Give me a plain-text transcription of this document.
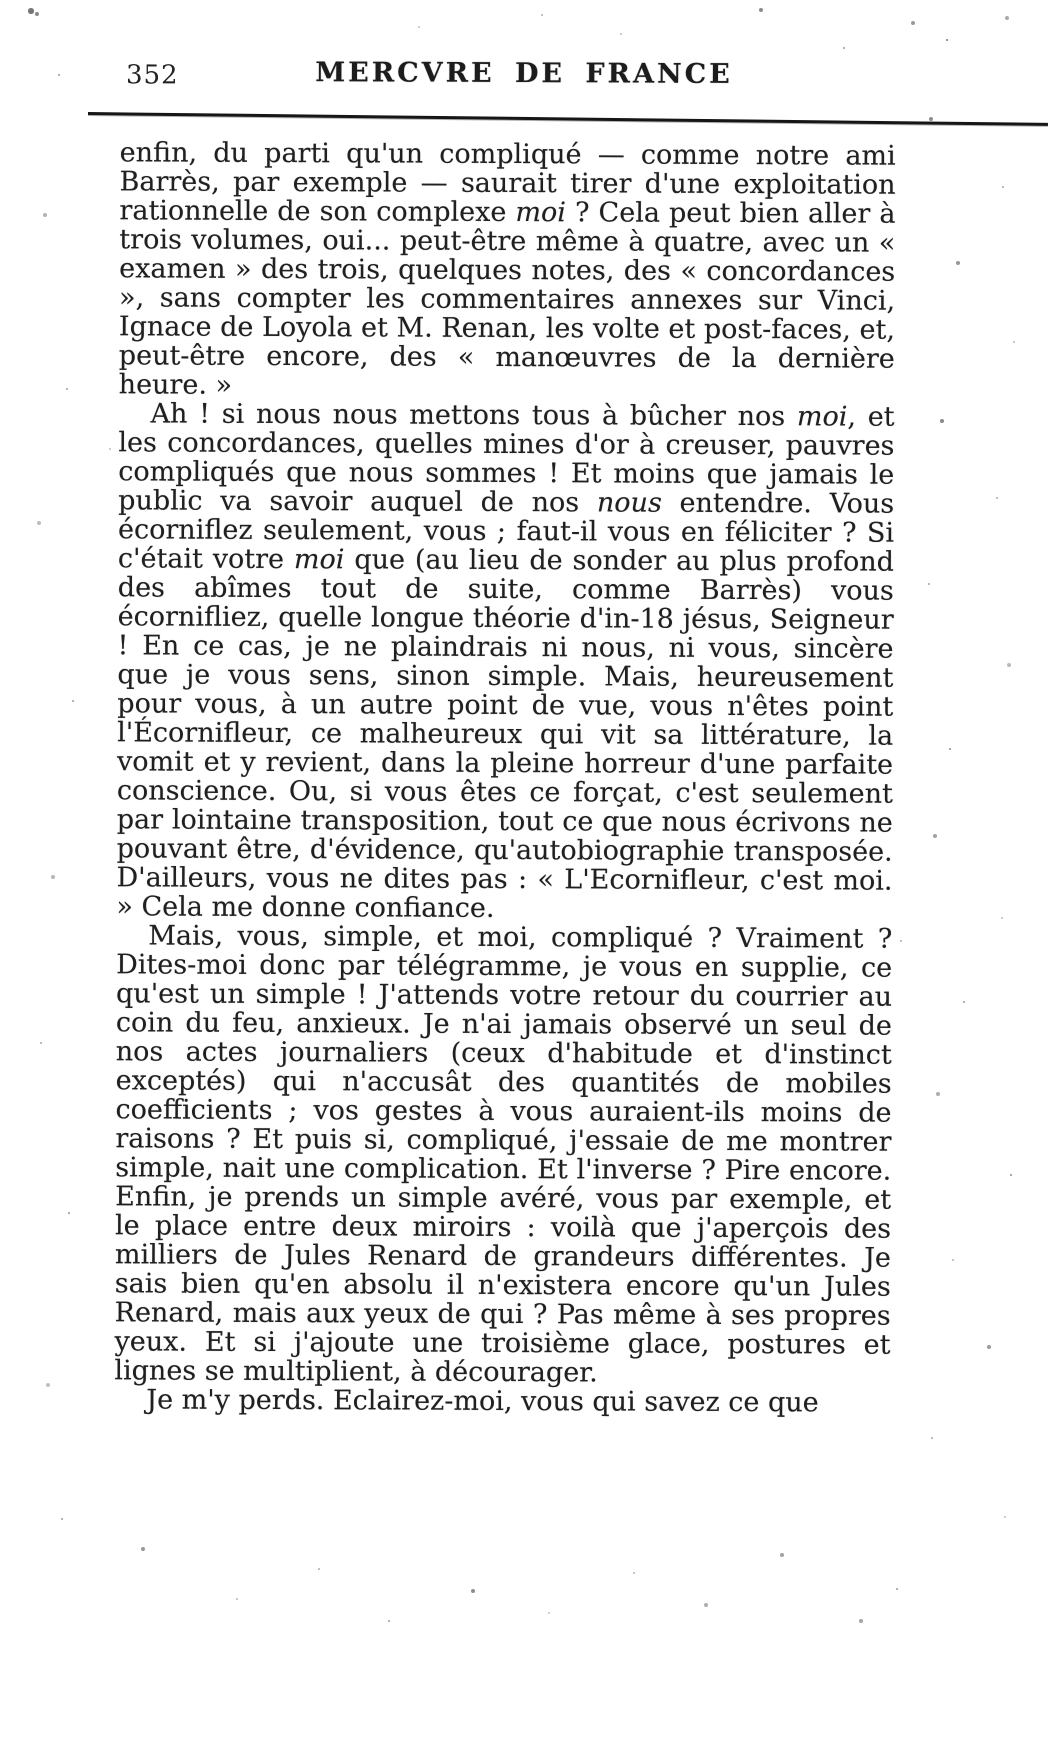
352	MERCVRE DE FRANCE

enfin, du parti qu'un compliqué — comme notre ami Barrès, par exemple — saurait tirer d'une exploitation rationnelle de son complexe moi ? Cela peut bien aller à trois volumes, oui... peut-être même à quatre, avec un « examen » des trois, quelques notes, des « concordances », sans compter les commentaires annexes sur Vinci, Ignace de Loyola et M. Renan, les volte et post-faces, et, peut-être encore, des « manœuvres de la dernière heure. »

Ah ! si nous nous mettons tous à bûcher nos moi, et les concordances, quelles mines d'or à creuser, pauvres compliqués que nous sommes ! Et moins que jamais le public va savoir auquel de nos nous entendre. Vous écorniflez seulement, vous ; faut-il vous en féliciter ? Si c'était votre moi que (au lieu de sonder au plus profond des abîmes tout de suite, comme Barrès) vous écornifliez, quelle longue théorie d'in-18 jésus, Seigneur ! En ce cas, je ne plaindrais ni nous, ni vous, sincère que je vous sens, sinon simple. Mais, heureusement pour vous, à un autre point de vue, vous n'êtes point l'Écornifleur, ce malheureux qui vit sa littérature, la vomit et y revient, dans la pleine horreur d'une parfaite conscience. Ou, si vous êtes ce forçat, c'est seulement par lointaine transposition, tout ce que nous écrivons ne pouvant être, d'évidence, qu'autobiographie transposée. D'ailleurs, vous ne dites pas : « L'Ecornifleur, c'est moi. » Cela me donne confiance.

Mais, vous, simple, et moi, compliqué ? Vraiment ? Dites-moi donc par télégramme, je vous en supplie, ce qu'est un simple ! J'attends votre retour du courrier au coin du feu, anxieux. Je n'ai jamais observé un seul de nos actes journaliers (ceux d'habitude et d'instinct exceptés) qui n'accusât des quantités de mobiles coefficients ; vos gestes à vous auraient-ils moins de raisons ? Et puis si, compliqué, j'essaie de me montrer simple, nait une complication. Et l'inverse ? Pire encore. Enfin, je prends un simple avéré, vous par exemple, et le place entre deux miroirs : voilà que j'aperçois des milliers de Jules Renard de grandeurs différentes. Je sais bien qu'en absolu il n'existera encore qu'un Jules Renard, mais aux yeux de qui ? Pas même à ses propres yeux. Et si j'ajoute une troisième glace, postures et lignes se multiplient, à décourager.

Je m'y perds. Eclairez-moi, vous qui savez ce que
